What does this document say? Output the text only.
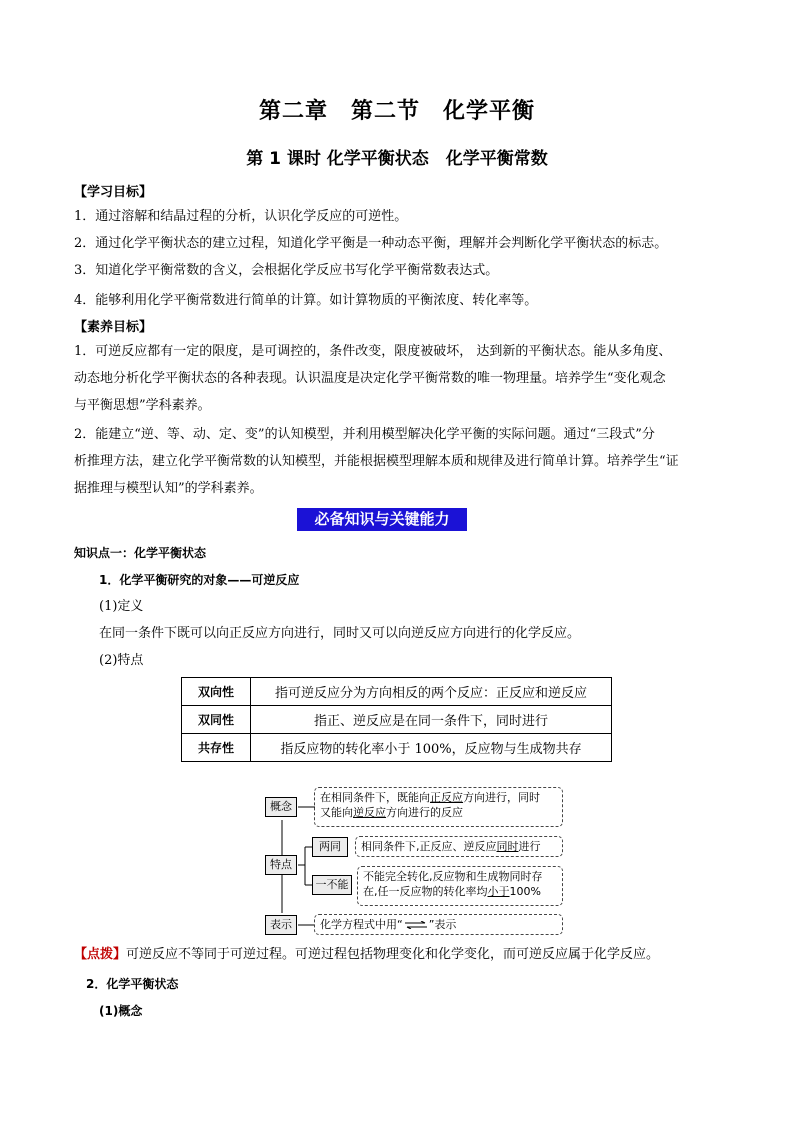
第二章　第二节　化学平衡
第 1 课时 化学平衡状态　化学平衡常数
【学习目标】
1．通过溶解和结晶过程的分析，认识化学反应的可逆性。
2．通过化学平衡状态的建立过程，知道化学平衡是一种动态平衡，理解并会判断化学平衡状态的标志。
3．知道化学平衡常数的含义，会根据化学反应书写化学平衡常数表达式。
4．能够利用化学平衡常数进行简单的计算。如计算物质的平衡浓度、转化率等。
【素养目标】
1．可逆反应都有一定的限度，是可调控的，条件改变，限度被破坏， 达到新的平衡状态。能从多角度、
动态地分析化学平衡状态的各种表现。认识温度是决定化学平衡常数的唯一物理量。培养学生“变化观念
与平衡思想”学科素养。
2．能建立“逆、等、动、定、变”的认知模型，并利用模型解决化学平衡的实际问题。通过“三段式”分
析推理方法，建立化学平衡常数的认知模型，并能根据模型理解本质和规律及进行简单计算。培养学生“证
据推理与模型认知”的学科素养。
必备知识与关键能力
知识点一：化学平衡状态
1．化学平衡研究的对象——可逆反应
(1)定义
在同一条件下既可以向正反应方向进行，同时又可以向逆反应方向进行的化学反应。
(2)特点
双向性	指可逆反应分为方向相反的两个反应：正反应和逆反应
双同性	指正、逆反应是在同一条件下，同时进行
共存性	指反应物的转化率小于 100%，反应物与生成物共存
概念
在相同条件下，既能向正反应方向进行，同时
又能向逆反应方向进行的反应
特点
两同	相同条件下,正反应、逆反应同时进行
一不能
不能完全转化,反应物和生成物同时存
在,任一反应物的转化率均小于100%
表示	化学方程式中用“ ⇌ ”表示
【点拨】可逆反应不等同于可逆过程。可逆过程包括物理变化和化学变化，而可逆反应属于化学反应。
2．化学平衡状态
(1)概念
